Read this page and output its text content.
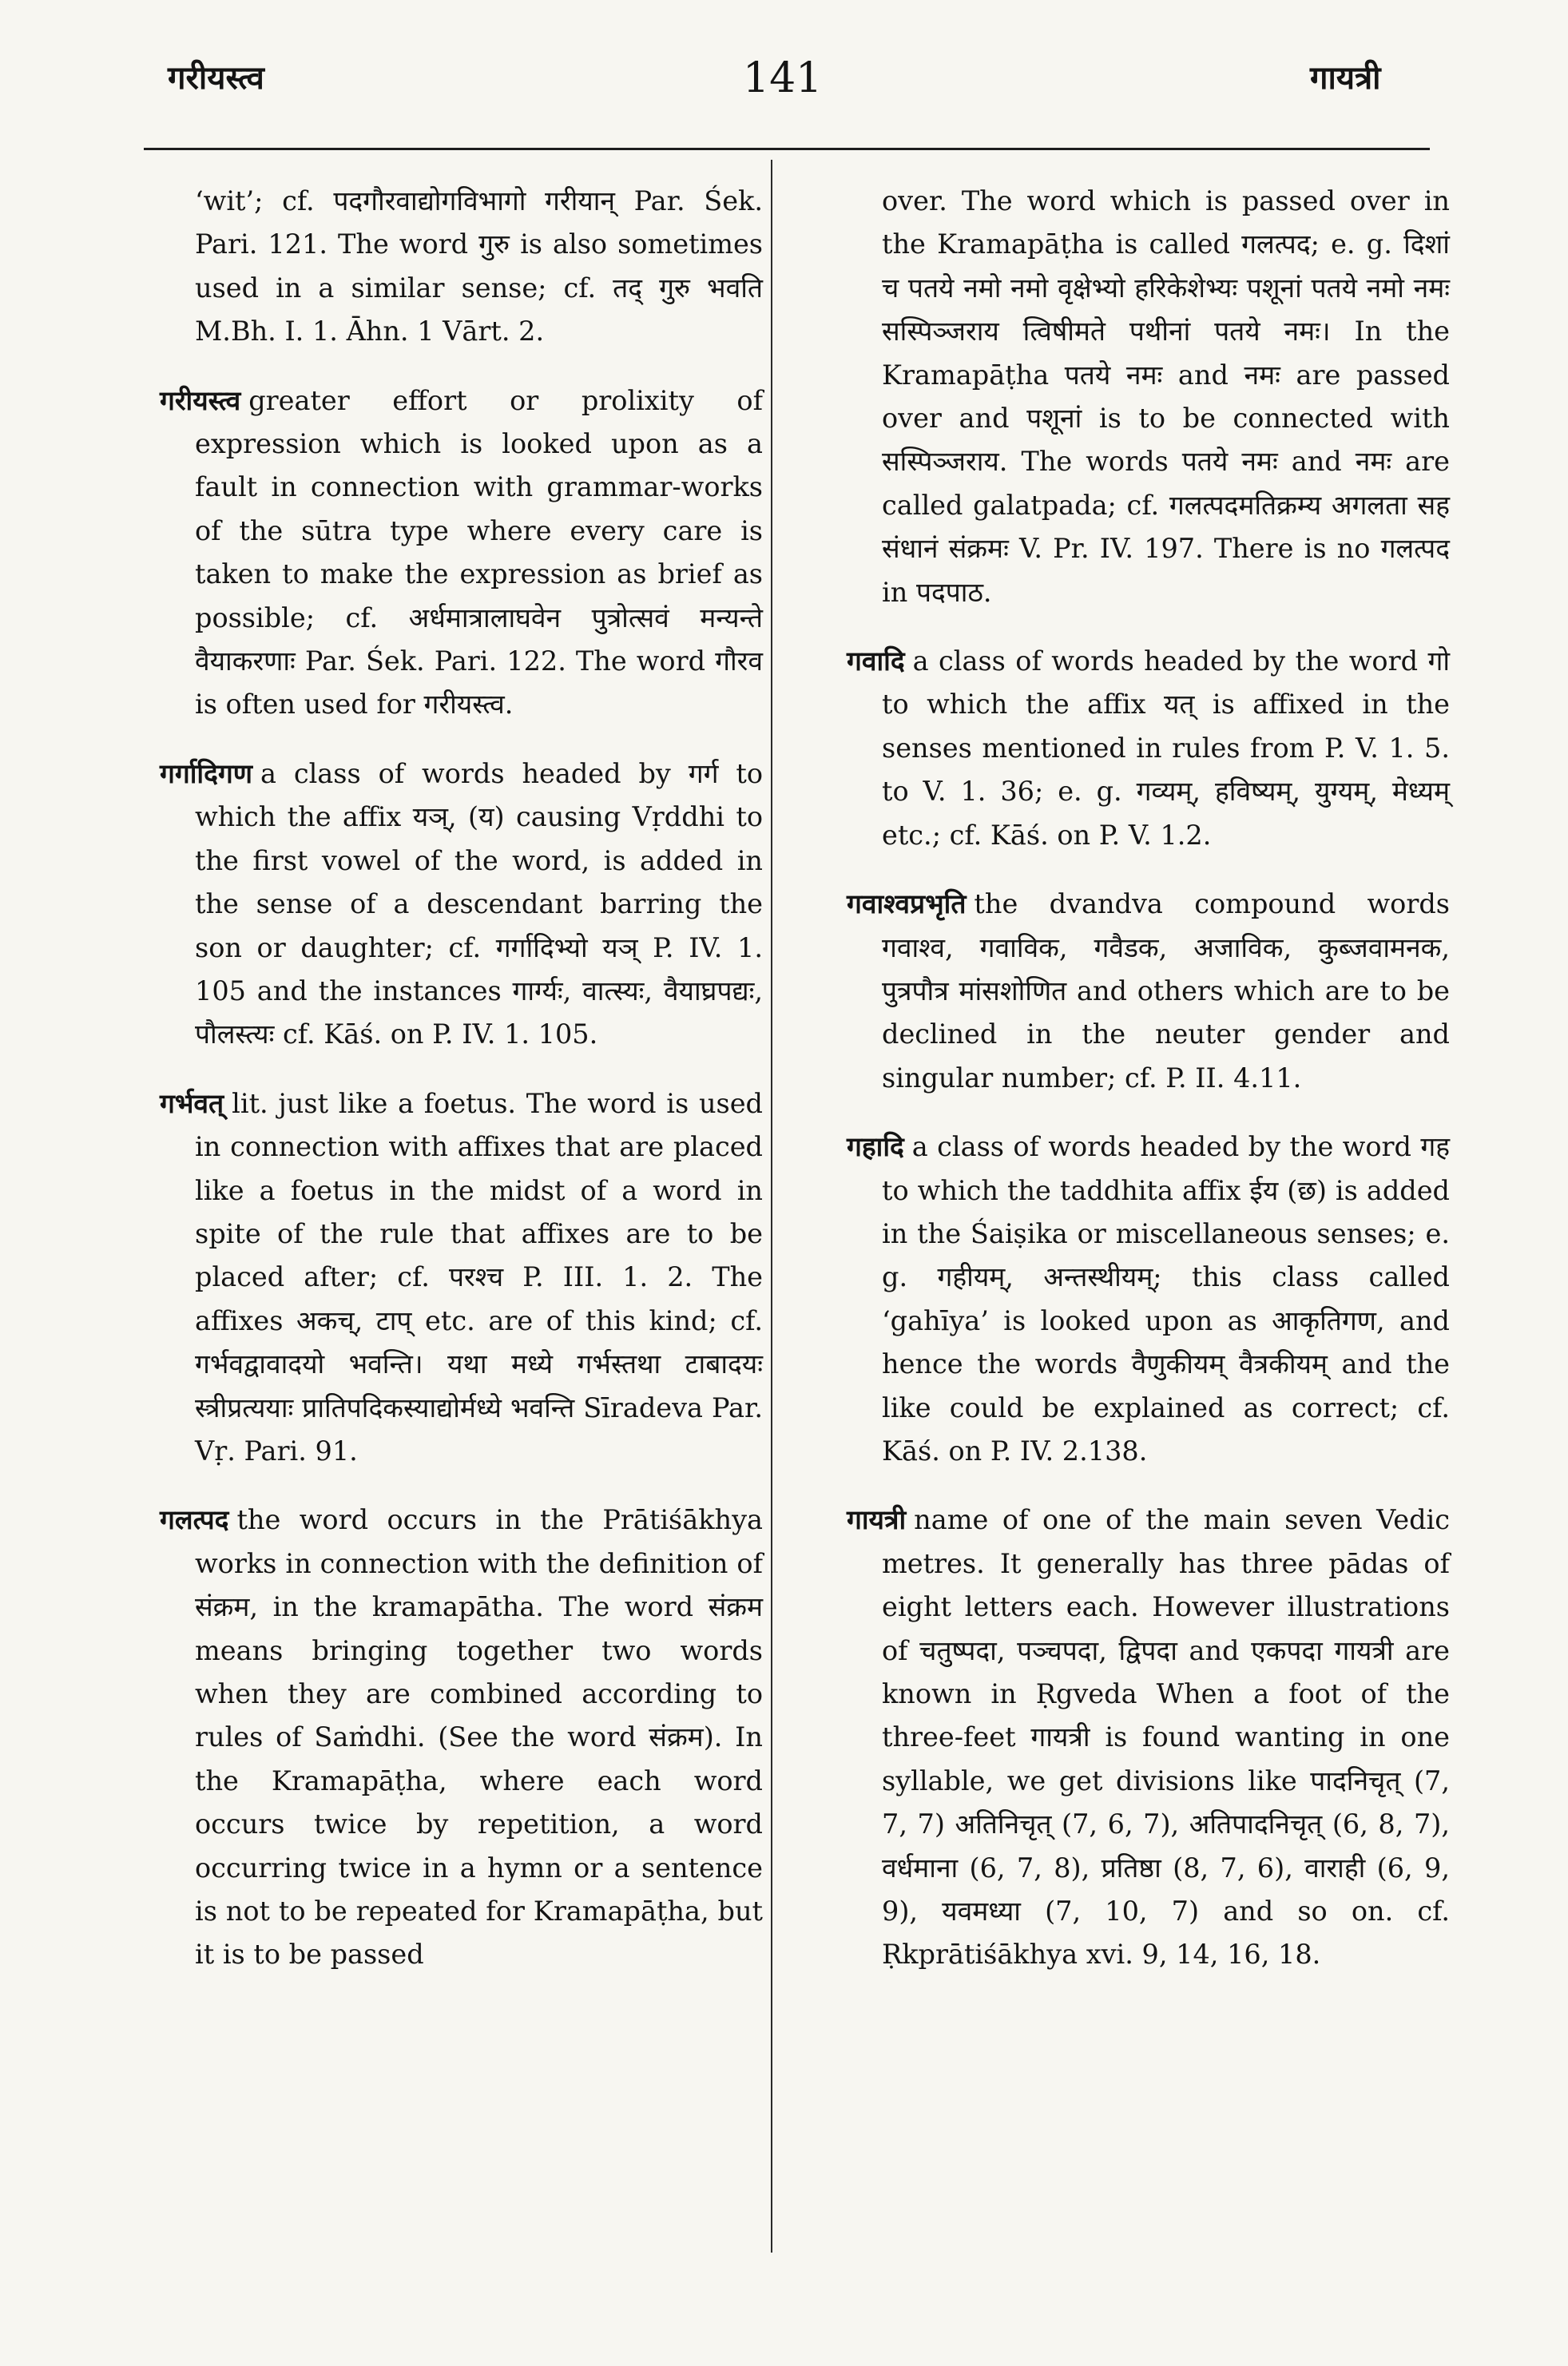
गरीयस्त्व	141	गायत्री

‘wit’; cf. पदगौरवाद्योगविभागो गरीयान् Par. Śek. Pari. 121. The word गुरु is also sometimes used in a similar sense; cf. तद् गुरु भवति M.Bh. I. 1. Āhn. 1 Vārt. 2.

गरीयस्त्व greater effort or prolixity of expression which is looked upon as a fault in connection with grammar-works of the sūtra type where every care is taken to make the expression as brief as possible; cf. अर्धमात्रालाघवेन पुत्रोत्सवं मन्यन्ते वैयाकरणाः Par. Śek. Pari. 122. The word गौरव is often used for गरीयस्त्व.

गर्गादिगण a class of words headed by गर्ग to which the affix यञ्, (य) causing Vṛddhi to the first vowel of the word, is added in the sense of a descendant barring the son or daughter; cf. गर्गादिभ्यो यञ् P. IV. 1. 105 and the instances गार्ग्यः, वात्स्यः, वैयाघ्रपद्यः, पौलस्त्यः cf. Kāś. on P. IV. 1. 105.

गर्भवत् lit. just like a foetus. The word is used in connection with affixes that are placed like a foetus in the midst of a word in spite of the rule that affixes are to be placed after; cf. परश्च P. III. 1. 2. The affixes अकच्, टाप् etc. are of this kind; cf. गर्भवद्वावादयो भवन्ति। यथा मध्ये गर्भस्तथा टाबादयः स्त्रीप्रत्ययाः प्रातिपदिकस्याद्योर्मध्ये भवन्ति Sīradeva Par. Vṛ. Pari. 91.

गलत्पद the word occurs in the Prātiśākhya works in connection with the definition of संक्रम, in the kramapātha. The word संक्रम means bringing together two words when they are combined according to rules of Saṁdhi. (See the word संक्रम). In the Kramapāṭha, where each word occurs twice by repetition, a word occurring twice in a hymn or a sentence is not to be repeated for Kramapāṭha, but it is to be passed

over. The word which is passed over in the Kramapāṭha is called गलत्पद; e. g. दिशां च पतये नमो नमो वृक्षेभ्यो हरिकेशेभ्यः पशूनां पतये नमो नमः सस्पिञ्जराय त्विषीमते पथीनां पतये नमः। In the Kramapāṭha पतये नमः and नमः are passed over and पशूनां is to be connected with सस्पिञ्जराय. The words पतये नमः and नमः are called galatpada; cf. गलत्पदमतिक्रम्य अगलता सह संधानं संक्रमः V. Pr. IV. 197. There is no गलत्पद in पदपाठ.

गवादि a class of words headed by the word गो to which the affix यत् is affixed in the senses mentioned in rules from P. V. 1. 5. to V. 1. 36; e. g. गव्यम्, हविष्यम्, युग्यम्, मेध्यम् etc.; cf. Kāś. on P. V. 1.2.

गवाश्वप्रभृति the dvandva compound words गवाश्व, गवाविक, गवैडक, अजाविक, कुब्जवामनक, पुत्रपौत्र मांसशोणित and others which are to be declined in the neuter gender and singular number; cf. P. II. 4.11.

गहादि a class of words headed by the word गह to which the taddhita affix ईय (छ) is added in the Śaiṣika or miscellaneous senses; e. g. गहीयम्, अन्तस्थीयम्; this class called ‘gahīya’ is looked upon as आकृतिगण, and hence the words वैणुकीयम् वैत्रकीयम् and the like could be explained as correct; cf. Kāś. on P. IV. 2.138.

गायत्री name of one of the main seven Vedic metres. It generally has three pādas of eight letters each. However illustrations of चतुष्पदा, पञ्चपदा, द्विपदा and एकपदा गायत्री are known in Ṛgveda When a foot of the three-feet गायत्री is found wanting in one syllable, we get divisions like पादनिचृत् (7, 7, 7) अतिनिचृत् (7, 6, 7), अतिपादनिचृत् (6, 8, 7), वर्धमाना (6, 7, 8), प्रतिष्ठा (8, 7, 6), वाराही (6, 9, 9), यवमध्या (7, 10, 7) and so on. cf. Ṛkprātiśākhya xvi. 9, 14, 16, 18.
